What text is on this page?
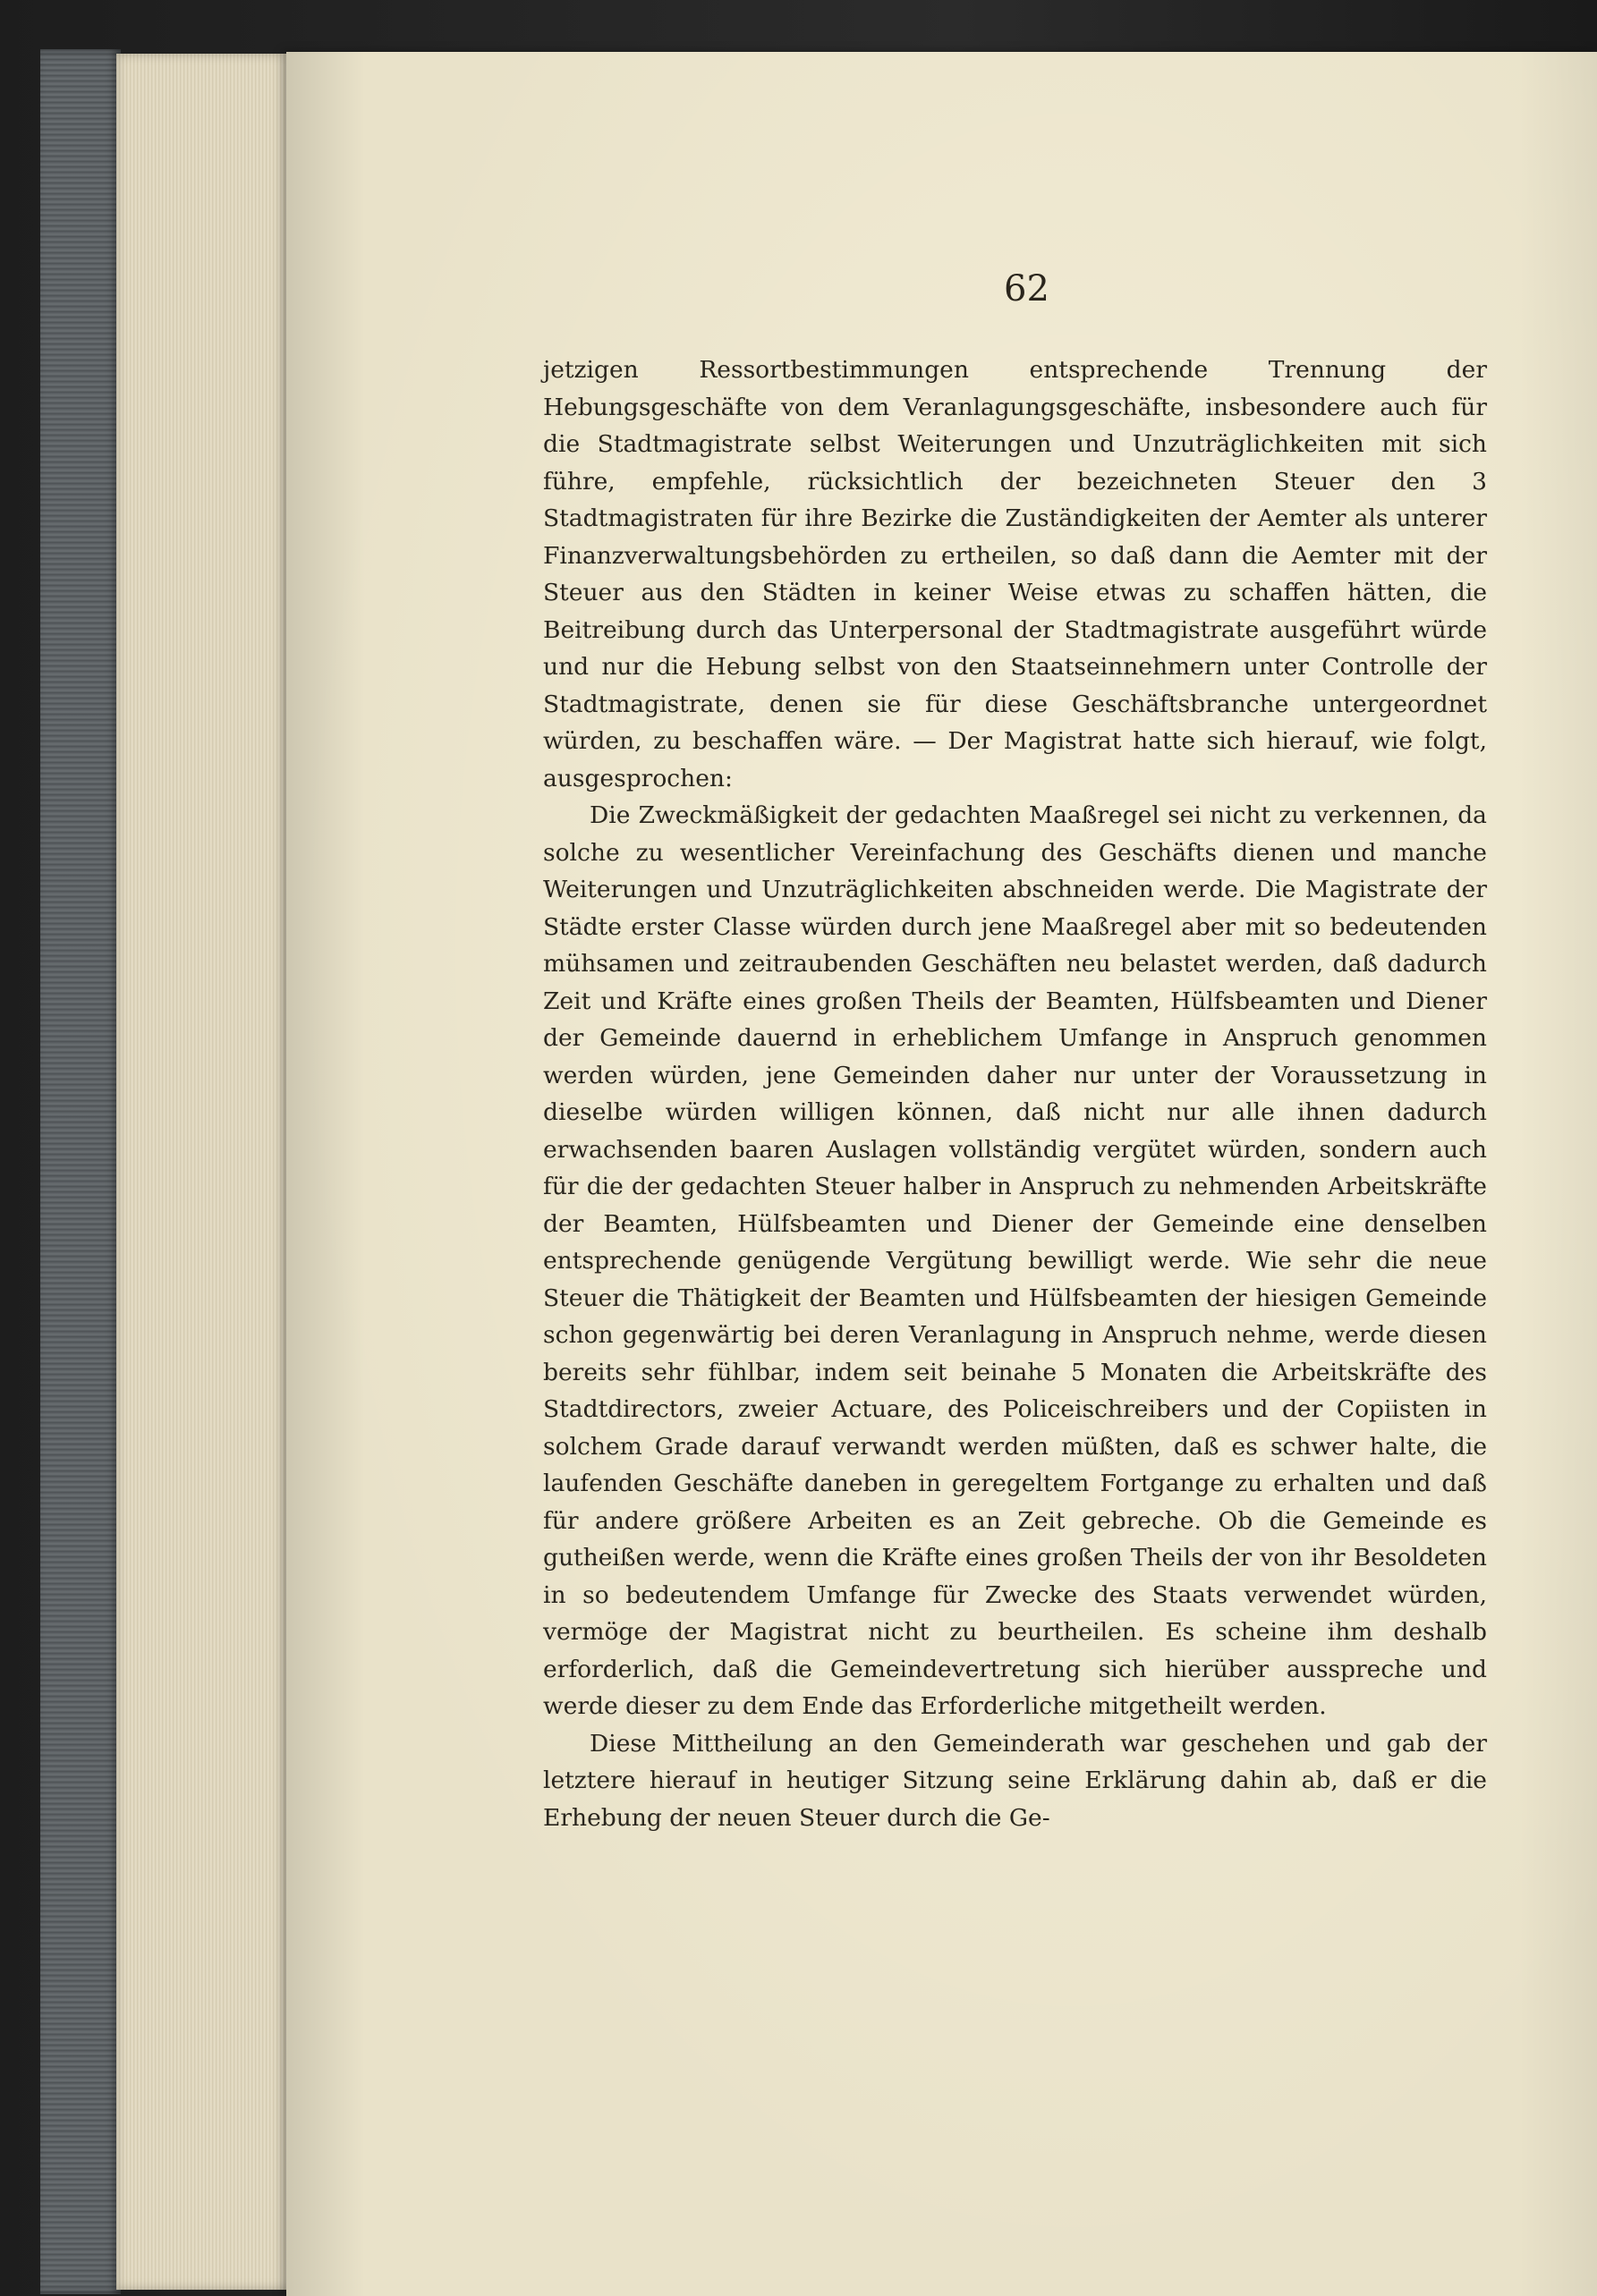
62

jetzigen Ressortbestimmungen entsprechende Trennung der Hebungsgeschäfte von dem Veranlagungsgeschäfte, insbesondere auch für die Stadtmagistrate selbst Weiterungen und Unzuträglichkeiten mit sich führe, empfehle, rücksichtlich der bezeichneten Steuer den 3 Stadtmagistraten für ihre Bezirke die Zuständigkeiten der Aemter als unterer Finanzverwaltungsbehörden zu ertheilen, so daß dann die Aemter mit der Steuer aus den Städten in keiner Weise etwas zu schaffen hätten, die Beitreibung durch das Unterpersonal der Stadtmagistrate ausgeführt würde und nur die Hebung selbst von den Staatseinnehmern unter Controlle der Stadtmagistrate, denen sie für diese Geschäftsbranche untergeordnet würden, zu beschaffen wäre. — Der Magistrat hatte sich hierauf, wie folgt, ausgesprochen:

Die Zweckmäßigkeit der gedachten Maaßregel sei nicht zu verkennen, da solche zu wesentlicher Vereinfachung des Geschäfts dienen und manche Weiterungen und Unzuträglichkeiten abschneiden werde. Die Magistrate der Städte erster Classe würden durch jene Maaßregel aber mit so bedeutenden mühsamen und zeitraubenden Geschäften neu belastet werden, daß dadurch Zeit und Kräfte eines großen Theils der Beamten, Hülfsbeamten und Diener der Gemeinde dauernd in erheblichem Umfange in Anspruch genommen werden würden, jene Gemeinden daher nur unter der Voraussetzung in dieselbe würden willigen können, daß nicht nur alle ihnen dadurch erwachsenden baaren Auslagen vollständig vergütet würden, sondern auch für die der gedachten Steuer halber in Anspruch zu nehmenden Arbeitskräfte der Beamten, Hülfsbeamten und Diener der Gemeinde eine denselben entsprechende genügende Vergütung bewilligt werde. Wie sehr die neue Steuer die Thätigkeit der Beamten und Hülfsbeamten der hiesigen Gemeinde schon gegenwärtig bei deren Veranlagung in Anspruch nehme, werde diesen bereits sehr fühlbar, indem seit beinahe 5 Monaten die Arbeitskräfte des Stadtdirectors, zweier Actuare, des Policeischreibers und der Copiisten in solchem Grade darauf verwandt werden müßten, daß es schwer halte, die laufenden Geschäfte daneben in geregeltem Fortgange zu erhalten und daß für andere größere Arbeiten es an Zeit gebreche. Ob die Gemeinde es gutheißen werde, wenn die Kräfte eines großen Theils der von ihr Besoldeten in so bedeutendem Umfange für Zwecke des Staats verwendet würden, vermöge der Magistrat nicht zu beurtheilen. Es scheine ihm deshalb erforderlich, daß die Gemeindevertretung sich hierüber ausspreche und werde dieser zu dem Ende das Erforderliche mitgetheilt werden.

Diese Mittheilung an den Gemeinderath war geschehen und gab der letztere hierauf in heutiger Sitzung seine Erklärung dahin ab, daß er die Erhebung der neuen Steuer durch die Ge-
